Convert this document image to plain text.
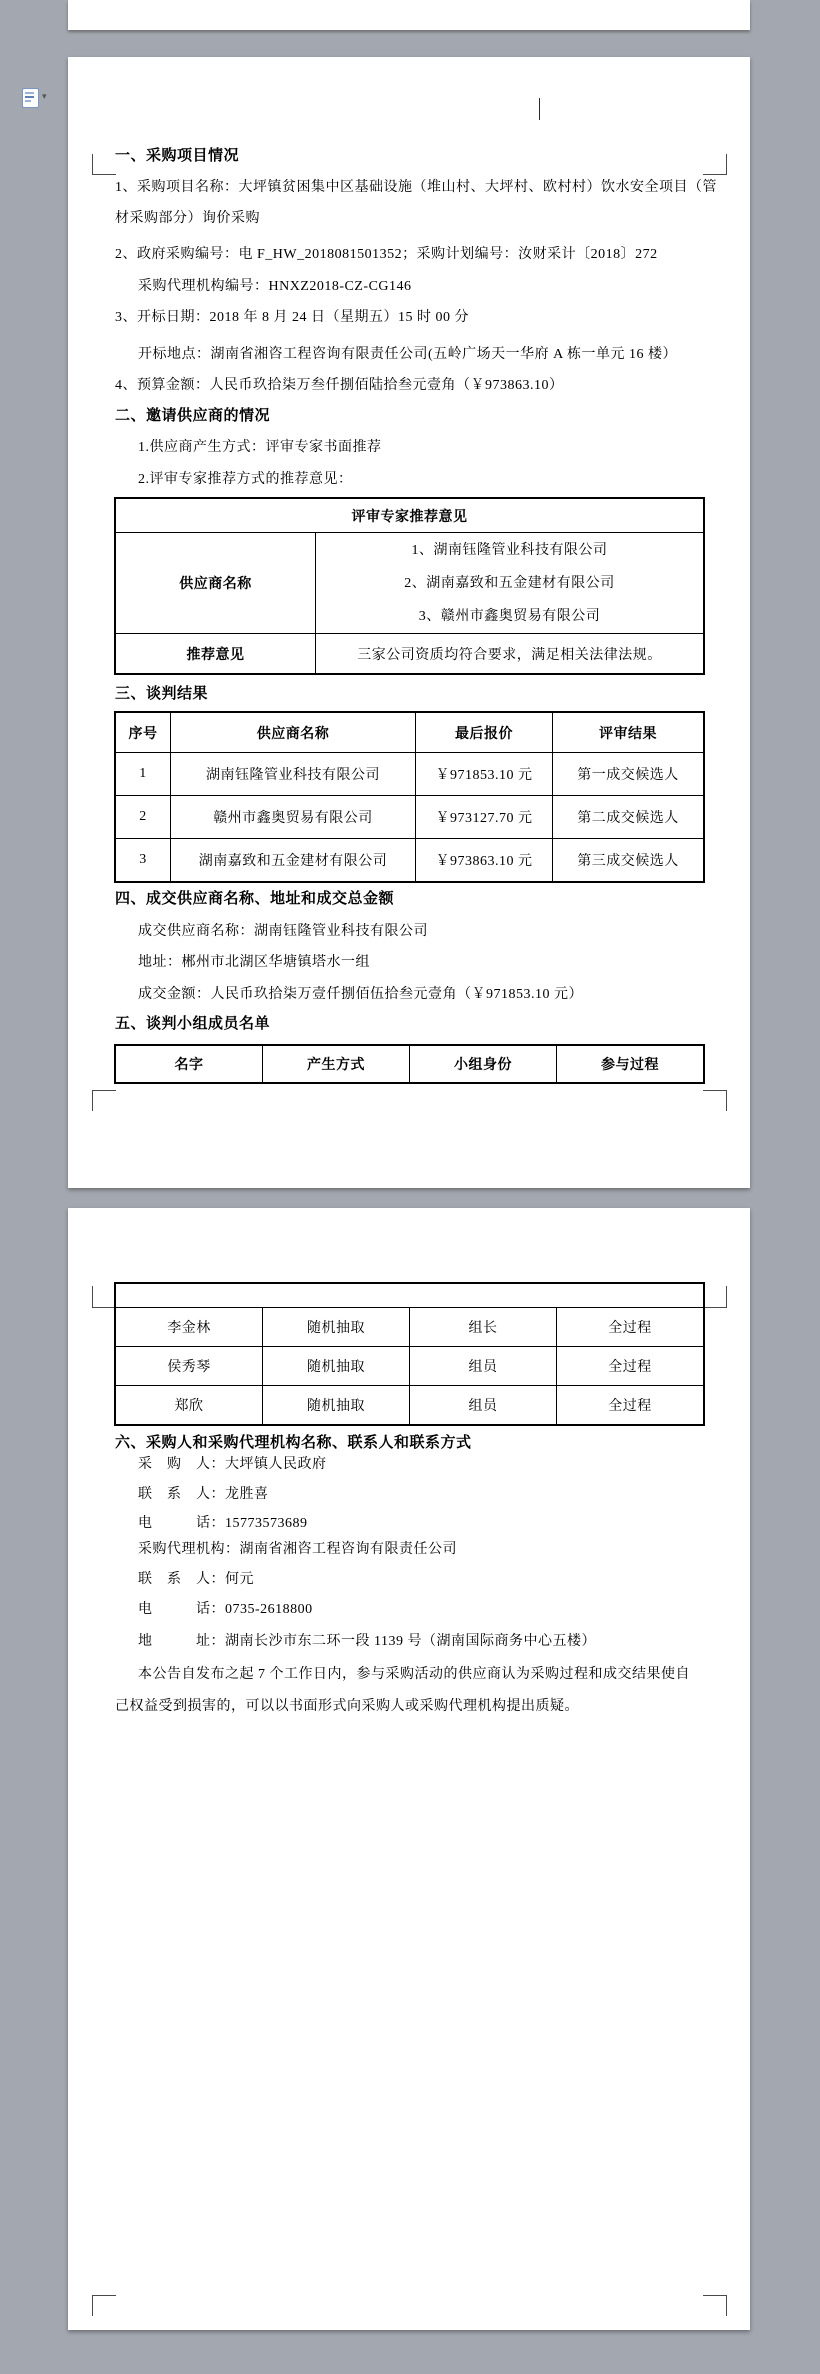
▾
一、采购项目情况
1、采购项目名称：大坪镇贫困集中区基础设施（堆山村、大坪村、欧村村）饮水安全项目（管
材采购部分）询价采购
2、政府采购编号：电 F_HW_2018081501352；采购计划编号：汝财采计〔2018〕272
采购代理机构编号：HNXZ2018-CZ-CG146
3、开标日期：2018 年 8 月 24 日（星期五）15 时 00 分
开标地点：湖南省湘咨工程咨询有限责任公司(五岭广场天一华府 A 栋一单元 16 楼）
4、预算金额：人民币玖拾柒万叁仟捌佰陆拾叁元壹角（￥973863.10）
二、邀请供应商的情况
1.供应商产生方式：评审专家书面推荐
2.评审专家推荐方式的推荐意见：
评审专家推荐意见	
供应商名称	1、湖南钰隆管业科技有限公司
2、湖南嘉致和五金建材有限公司
3、赣州市鑫奥贸易有限公司

推荐意见	三家公司资质均符合要求，满足相关法律法规。
三、谈判结果
序号	供应商名称	最后报价	评审结果
1	湖南钰隆管业科技有限公司	￥971853.10 元	第一成交候选人
2	赣州市鑫奥贸易有限公司	￥973127.70 元	第二成交候选人
3	湖南嘉致和五金建材有限公司	￥973863.10 元	第三成交候选人
四、成交供应商名称、地址和成交总金额
成交供应商名称：湖南钰隆管业科技有限公司
地址：郴州市北湖区华塘镇塔水一组
成交金额：人民币玖拾柒万壹仟捌佰伍拾叁元壹角（￥971853.10 元）
五、谈判小组成员名单
名字	产生方式	小组身份	参与过程

李金林	随机抽取	组长	全过程
侯秀琴	随机抽取	组员	全过程
郑欣	随机抽取	组员	全过程
六、采购人和采购代理机构名称、联系人和联系方式
采　购　人：大坪镇人民政府
联　系　人：龙胜喜
电　　　话：15773573689
采购代理机构：湖南省湘咨工程咨询有限责任公司
联　系　人：何元
电　　　话：0735-2618800
地　　　址：湖南长沙市东二环一段 1139 号（湖南国际商务中心五楼）
本公告自发布之起 7 个工作日内，参与采购活动的供应商认为采购过程和成交结果使自
己权益受到损害的，可以以书面形式向采购人或采购代理机构提出质疑。
